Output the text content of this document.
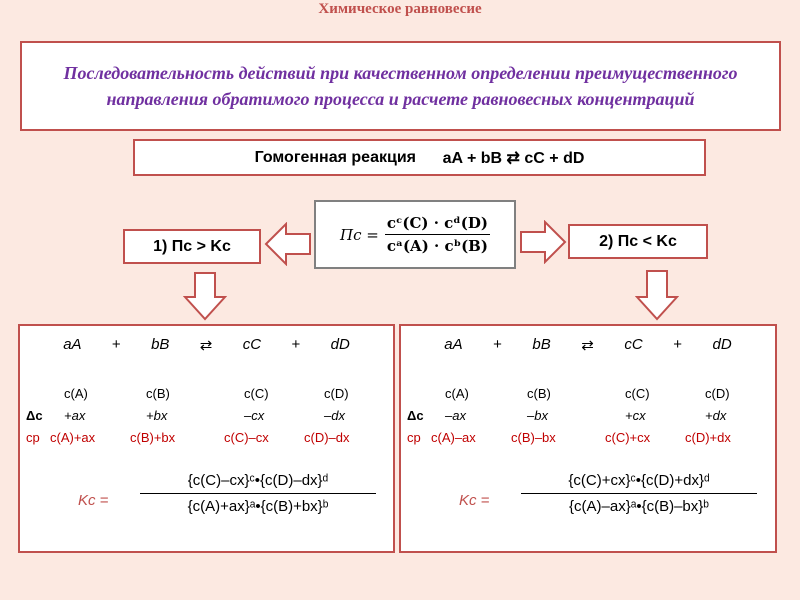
Химическое равновесие
Последовательность действий при качественном определении преимущественного направления обратимого процесса и расчете равновесных концентраций
Гомогенная реакция
aA + bB ⇄ cC + dD
$\Pi c = \frac{\text{cᶜ(C) · cᵈ(D)}}{\text{cᵃ(A) · cᵇ(B)}}$
1) Пc > Kc	2) Пc < Kc
aA + bB ⇄ cC + dD
c(A)	c(B)	c(C)	c(D)
Δc +ax	+bx	–cx	–dx
cp c(A)+ax	c(B)+bx	c(C)–cx	c(D)–dx
$Kc = \frac{\text{\{c(C)–cx\}ᶜ•\{c(D)–dx\}ᵈ}}{\text{\{c(A)+ax\}ᵃ•\{c(B)+bx\}ᵇ}}$
aA + bB ⇄ cC + dD
c(A)	c(B)	c(C)	c(D)
Δc –ax	–bx	+cx	+dx
cp c(A)–ax	c(B)–bx	c(C)+cx	c(D)+dx
$Kc = \frac{\text{\{c(C)+cx\}ᶜ•\{c(D)+dx\}ᵈ}}{\text{\{c(A)–ax\}ᵃ•\{c(B)–bx\}ᵇ}}$
